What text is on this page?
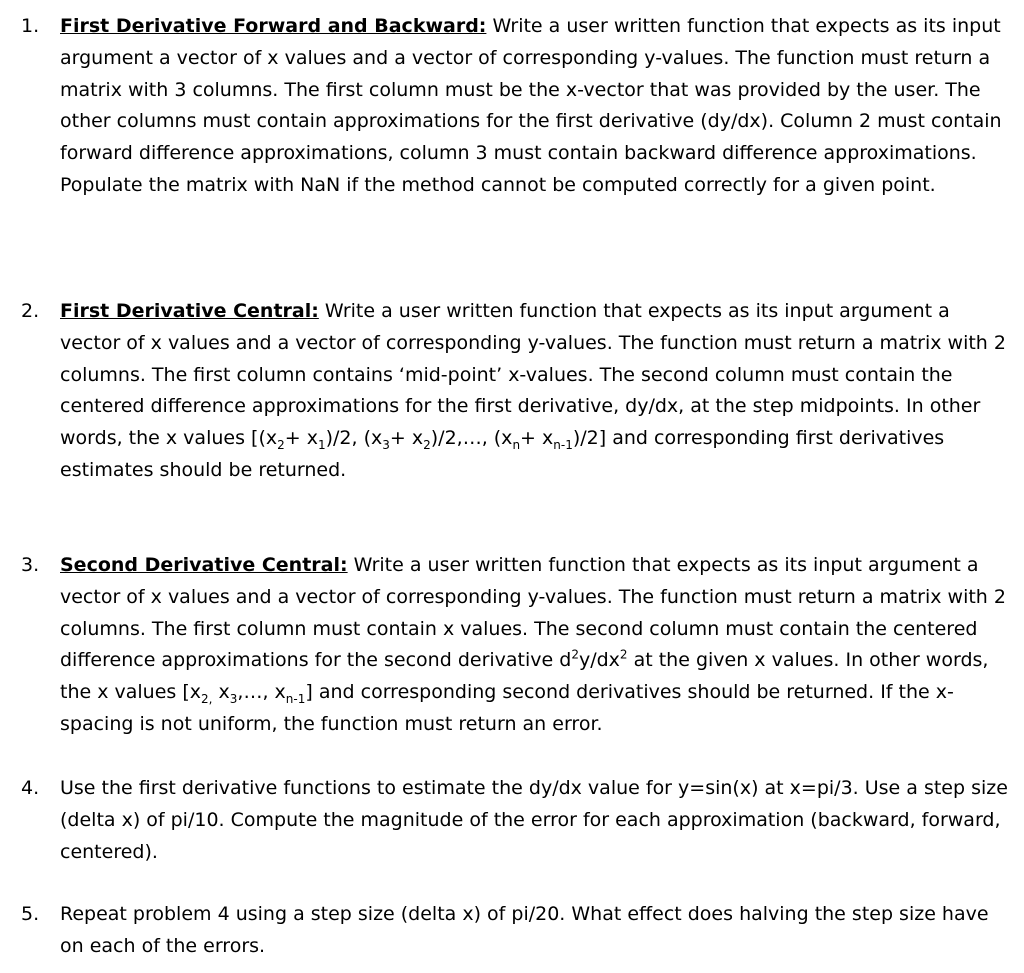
1. First Derivative Forward and Backward: Write a user written function that expects as its input argument a vector of x values and a vector of corresponding y-values. The function must return a matrix with 3 columns. The first column must be the x-vector that was provided by the user. The other columns must contain approximations for the first derivative (dy/dx). Column 2 must contain forward difference approximations, column 3 must contain backward difference approximations. Populate the matrix with NaN if the method cannot be computed correctly for a given point.
2. First Derivative Central: Write a user written function that expects as its input argument a vector of x values and a vector of corresponding y-values. The function must return a matrix with 2 columns. The first column contains ‘mid-point’ x-values. The second column must contain the centered difference approximations for the first derivative, dy/dx, at the step midpoints. In other words, the x values [$(x_2+ x_1)/2$, ($x_3+$ $x_2)/2,\dots$, $(x_n+ x_{n-1})/2$] and corresponding first derivatives estimates should be returned.
3. Second Derivative Central: Write a user written function that expects as its input argument a vector of x values and a vector of corresponding y-values. The function must return a matrix with 2 columns. The first column must contain x values. The second column must contain the centered difference approximations for the second derivative $d^2y/dx^2$ at the given x values. In other words, the x values [$x_{2,}$ $x_3,\dots$, $x_{n-1}$] and corresponding second derivatives should be returned. If the x-spacing is not uniform, the function must return an error.
4. Use the first derivative functions to estimate the dy/dx value for y=sin(x) at x=pi/3. Use a step size (delta x) of pi/10. Compute the magnitude of the error for each approximation (backward, forward, centered).
5. Repeat problem 4 using a step size (delta x) of pi/20. What effect does halving the step size have on each of the errors.
